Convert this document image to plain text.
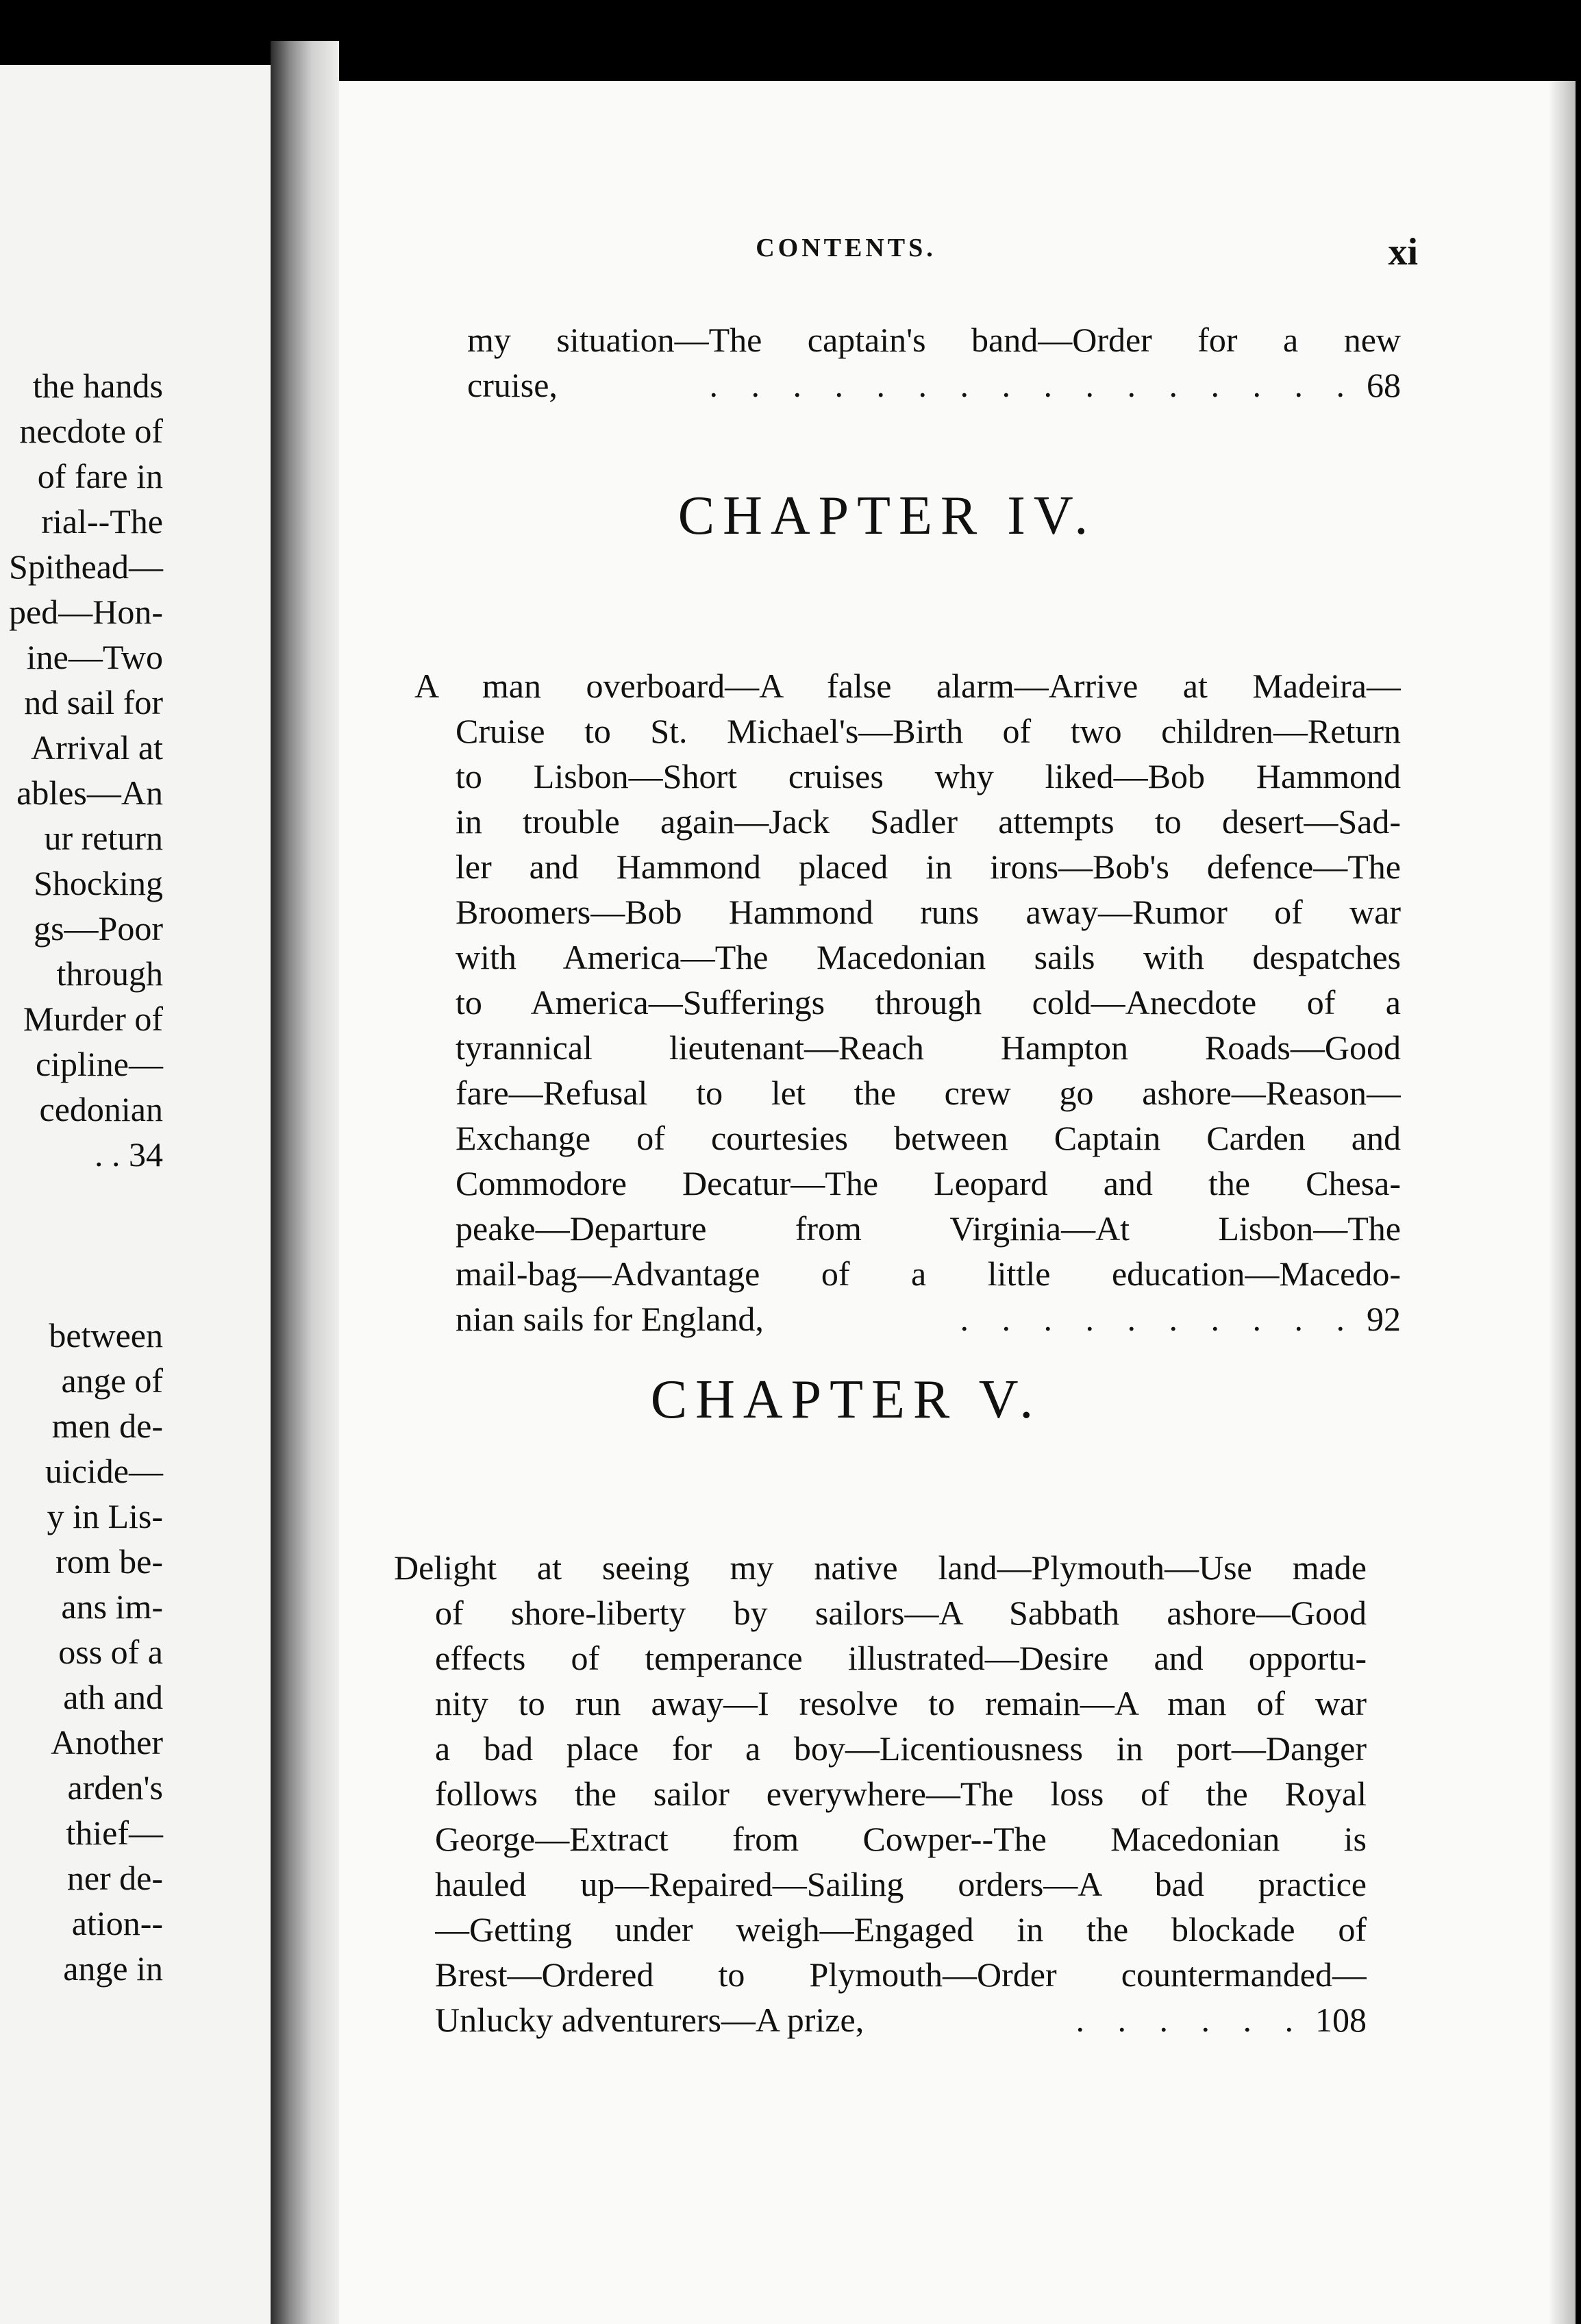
the hands
necdote of
of fare in
rial--The
Spithead—
ped—Hon-
ine—Two
nd sail for
Arrival at
ables—An
ur return
Shocking
gs—Poor
through
Murder of
cipline—
cedonian
. . 34
between
ange of
men de-
uicide—
y in Lis-
rom be-
ans im-
oss of a
ath and
Another
arden's
thief—
ner de-
ation--
ange in
CONTENTS.	xi
my situation—The captain's band—Order for a new
cruise,	. . . . . . . . . . . . . . . . 68
CHAPTER IV.
A man overboard—A false alarm—Arrive at Madeira—
Cruise to St. Michael's—Birth of two children—Return
to Lisbon—Short cruises why liked—Bob Hammond
in trouble again—Jack Sadler attempts to desert—Sad-
ler and Hammond placed in irons—Bob's defence—The
Broomers—Bob Hammond runs away—Rumor of war
with America—The Macedonian sails with despatches
to America—Sufferings through cold—Anecdote of a
tyrannical lieutenant—Reach Hampton Roads—Good
fare—Refusal to let the crew go ashore—Reason—
Exchange of courtesies between Captain Carden and
Commodore Decatur—The Leopard and the Chesa-
peake—Departure from Virginia—At Lisbon—The
mail-bag—Advantage of a little education—Macedo-
nian sails for England,	. . . . . . . . . . 92
CHAPTER V.
Delight at seeing my native land—Plymouth—Use made
of shore-liberty by sailors—A Sabbath ashore—Good
effects of temperance illustrated—Desire and opportu-
nity to run away—I resolve to remain—A man of war
a bad place for a boy—Licentiousness in port—Danger
follows the sailor everywhere—The loss of the Royal
George—Extract from Cowper--The Macedonian is
hauled up—Repaired—Sailing orders—A bad practice
—Getting under weigh—Engaged in the blockade of
Brest—Ordered to Plymouth—Order countermanded—
Unlucky adventurers—A prize,	. . . . . . 108
